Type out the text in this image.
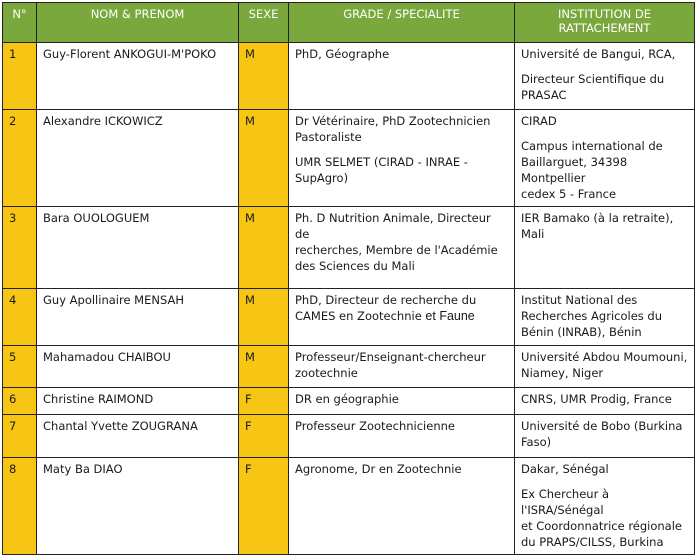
N°	NOM & PRENOM	SEXE	GRADE / SPECIALITE	INSTITUTION DE
RATTACHEMENT

1	Guy-Florent ANKOGUI-M'POKO	M	PhD, Géographe	Université de Bangui, RCA,
Directeur Scientifique du
PRASAC

2	Alexandre ICKOWICZ	M	Dr Vétérinaire, PhD Zootechnicien
Pastoraliste
UMR SELMET (CIRAD - INRAE -
SupAgro)	CIRAD
Campus international de
Baillarguet, 34398 Montpellier
cedex 5 - France

3	Bara OUOLOGUEM	M	Ph. D Nutrition Animale, Directeur de
recherches, Membre de l'Académie
des Sciences du Mali	IER Bamako (à la retraite),
Mali

4	Guy Apollinaire MENSAH	M	PhD, Directeur de recherche du
CAMES en Zootechnie et Faune	Institut National des
Recherches Agricoles du
Bénin (INRAB), Bénin

5	Mahamadou CHAIBOU	M	Professeur/Enseignant-chercheur
zootechnie	Université Abdou Moumouni,
Niamey, Niger

6	Christine RAIMOND	F	DR en géographie	CNRS, UMR Prodig, France

7	Chantal Yvette ZOUGRANA	F	Professeur Zootechnicienne	Université de Bobo (Burkina
Faso)

8	Maty Ba DIAO	F	Agronome, Dr en Zootechnie	Dakar, Sénégal
Ex Chercheur à l'ISRA/Sénégal
et Coordonnatrice régionale
du PRAPS/CILSS, Burkina
